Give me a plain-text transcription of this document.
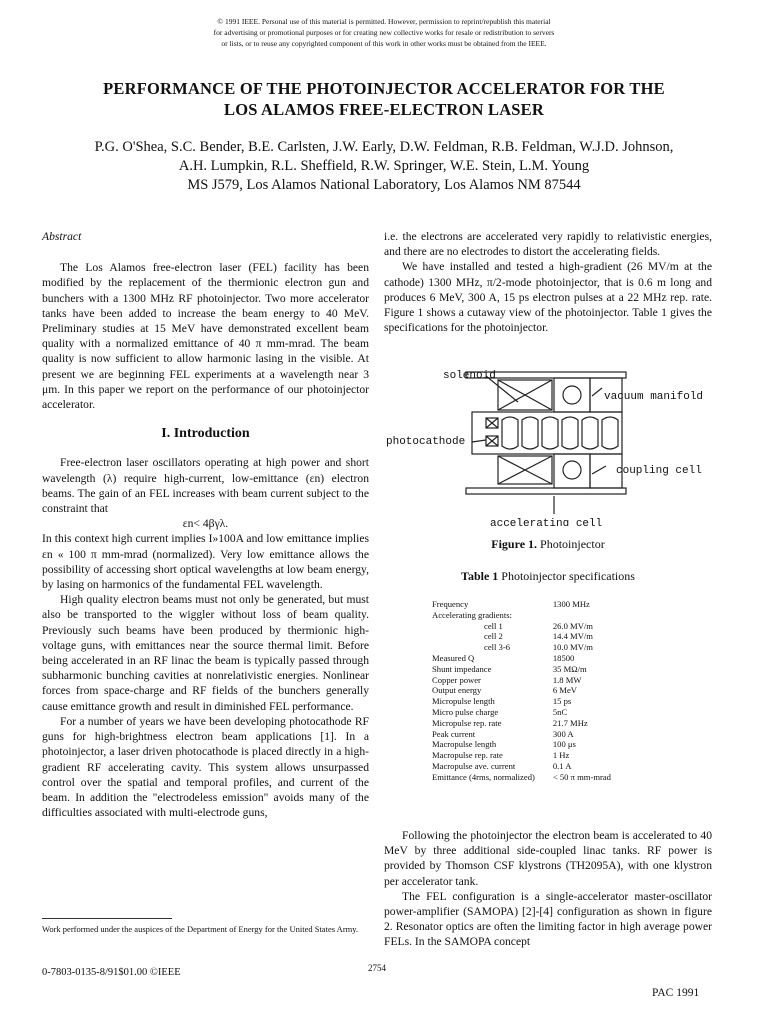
© 1991 IEEE. Personal use of this material is permitted. However, permission to reprint/republish this material
for advertising or promotional purposes or for creating new collective works for resale or redistribution to servers
or lists, or to reuse any copyrighted component of this work in other works must be obtained from the IEEE.
PERFORMANCE OF THE PHOTOINJECTOR ACCELERATOR FOR THE
LOS ALAMOS FREE-ELECTRON LASER
P.G. O'Shea, S.C. Bender, B.E. Carlsten, J.W. Early, D.W. Feldman, R.B. Feldman, W.J.D. Johnson,
A.H. Lumpkin, R.L. Sheffield, R.W. Springer, W.E. Stein, L.M. Young
MS J579, Los Alamos National Laboratory, Los Alamos NM 87544

Abstract

The Los Alamos free-electron laser (FEL) facility has been modified by the replacement of the thermionic electron gun and bunchers with a 1300 MHz RF photoinjector. Two more accelerator tanks have been added to increase the beam energy to 40 MeV. Preliminary studies at 15 MeV have demonstrated excellent beam quality with a normalized emittance of 40 π mm-mrad. The beam quality is now sufficient to allow harmonic lasing in the visible. At present we are beginning FEL experiments at a wavelength near 3 μm. In this paper we report on the performance of our photoinjector accelerator.

I. Introduction

Free-electron laser oscillators operating at high power and short wavelength (λ) require high-current, low-emittance (εn) electron beams. The gain of an FEL increases with beam current subject to the constraint that

εn< 4βγλ.

In this context high current implies I»100A and low emittance implies εn « 100 π mm-mrad (normalized). Very low emittance allows the possibility of accessing short optical wavelengths at low beam energy, by lasing on harmonics of the fundamental FEL wavelength.

High quality electron beams must not only be generated, but must also be transported to the wiggler without loss of beam quality. Previously such beams have been produced by thermionic high-voltage guns, with emittances near the source thermal limit. Before being accelerated in an RF linac the beam is typically passed through subharmonic bunching cavities at nonrelativistic energies. Nonlinear forces from space-charge and RF fields of the bunchers generally cause emittance growth and result in diminished FEL performance.

For a number of years we have been developing photocathode RF guns for high-brightness electron beam applications [1]. In a photoinjector, a laser driven photocathode is placed directly in a high-gradient RF accelerating cavity. This system allows unsurpassed control over the spatial and temporal profiles, and current of the beam. In addition the "electrodeless emission" avoids many of the difficulties associated with multi-electrode guns,

Work performed under the auspices of the Department of Energy for the United States Army.
0-7803-0135-8/91$01.00 ©IEEE	2754
PAC 1991

i.e. the electrons are accelerated very rapidly to relativistic energies, and there are no electrodes to distort the accelerating fields.

We have installed and tested a high-gradient (26 MV/m at the cathode) 1300 MHz, π/2-mode photoinjector, that is 0.6 m long and produces 6 MeV, 300 A, 15 ps electron pulses at a 22 MHz rep. rate. Figure 1 shows a cutaway view of the photoinjector. Table 1 gives the specifications for the photoinjector.

solenoid
vacuum manifold
photocathode
coupling cell
accelerating cell
Figure 1. Photoinjector
Table 1 Photoinjector specifications
Frequency	1300 MHz
Accelerating gradients:	
cell 1	26.0 MV/m
cell 2	14.4 MV/m
cell 3-6	10.0 MV/m
Measured Q	18500
Shunt impedance	35 MΩ/m
Copper power	1.8 MW
Output energy	6 MeV
Micropulse length	15 ps
Micro pulse charge	5nC
Micropulse rep. rate	21.7 MHz
Peak current	300 A
Macropulse length	100 μs
Macropulse rep. rate	1 Hz
Macropulse ave. current	0.1 A
Emittance (4rms, normalized)	< 50 π mm-mrad

Following the photoinjector the electron beam is accelerated to 40 MeV by three additional side-coupled linac tanks. RF power is provided by Thomson CSF klystrons (TH2095A), with one klystron per accelerator tank.

The FEL configuration is a single-accelerator master-oscillator power-amplifier (SAMOPA) [2]-[4] configuration as shown in figure 2. Resonator optics are often the limiting factor in high average power FELs. In the SAMOPA concept
